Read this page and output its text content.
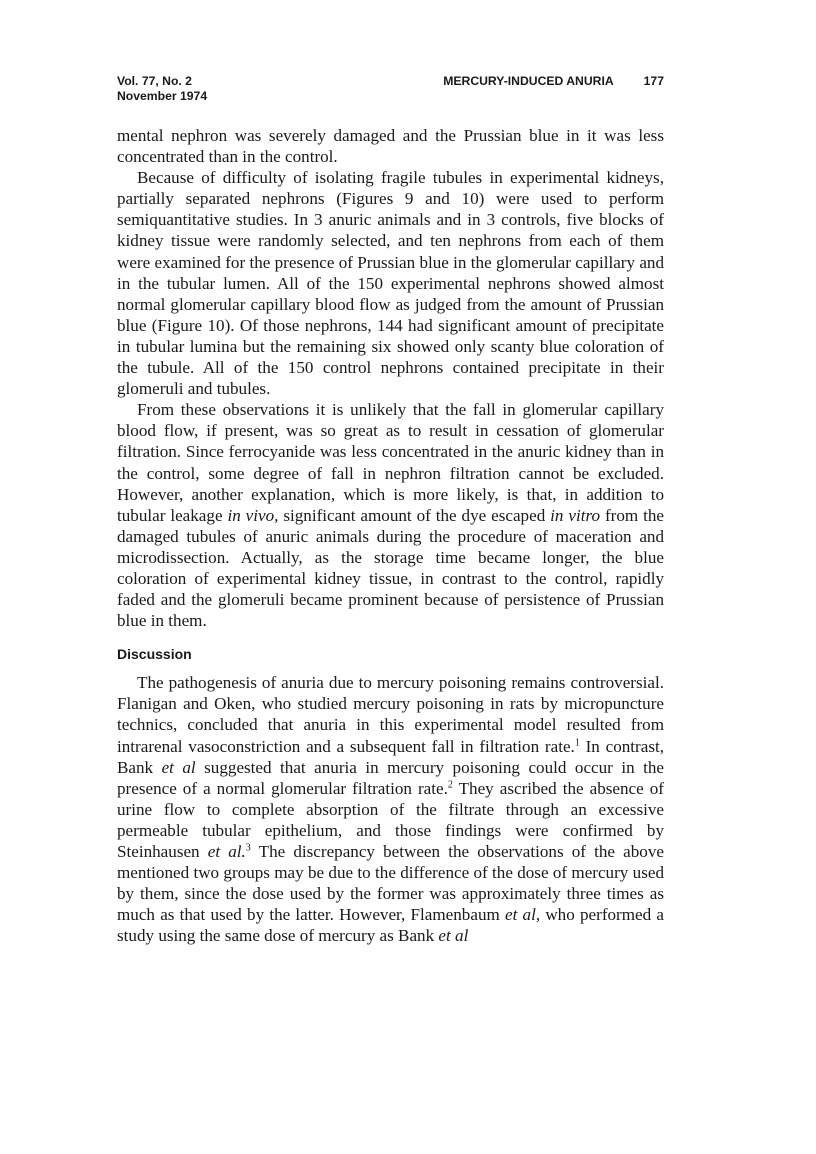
Vol. 77, No. 2
November 1974
MERCURY-INDUCED ANURIA 177

mental nephron was severely damaged and the Prussian blue in it was less concentrated than in the control.

Because of difficulty of isolating fragile tubules in experimental kidneys, partially separated nephrons (Figures 9 and 10) were used to perform semiquantitative studies. In 3 anuric animals and in 3 controls, five blocks of kidney tissue were randomly selected, and ten nephrons from each of them were examined for the presence of Prussian blue in the glomerular capillary and in the tubular lumen. All of the 150 experimental nephrons showed almost normal glomerular capillary blood flow as judged from the amount of Prussian blue (Figure 10). Of those nephrons, 144 had significant amount of precipitate in tubular lumina but the remaining six showed only scanty blue coloration of the tubule. All of the 150 control nephrons contained precipitate in their glomeruli and tubules.

From these observations it is unlikely that the fall in glomerular capillary blood flow, if present, was so great as to result in cessation of glomerular filtration. Since ferrocyanide was less concentrated in the anuric kidney than in the control, some degree of fall in nephron filtration cannot be excluded. However, another explanation, which is more likely, is that, in addition to tubular leakage in vivo, significant amount of the dye escaped in vitro from the damaged tubules of anuric animals during the procedure of maceration and microdissection. Actually, as the storage time became longer, the blue coloration of experimental kidney tissue, in contrast to the control, rapidly faded and the glomeruli became prominent because of persistence of Prussian blue in them.

Discussion

The pathogenesis of anuria due to mercury poisoning remains controversial. Flanigan and Oken, who studied mercury poisoning in rats by micropuncture technics, concluded that anuria in this experimental model resulted from intrarenal vasoconstriction and a subsequent fall in filtration rate.$^1$ In contrast, Bank et al suggested that anuria in mercury poisoning could occur in the presence of a normal glomerular filtration rate.$^2$ They ascribed the absence of urine flow to complete absorption of the filtrate through an excessive permeable tubular epithelium, and those findings were confirmed by Steinhausen et al.$^3$ The discrepancy between the observations of the above mentioned two groups may be due to the difference of the dose of mercury used by them, since the dose used by the former was approximately three times as much as that used by the latter. However, Flamenbaum et al, who performed a study using the same dose of mercury as Bank et al
